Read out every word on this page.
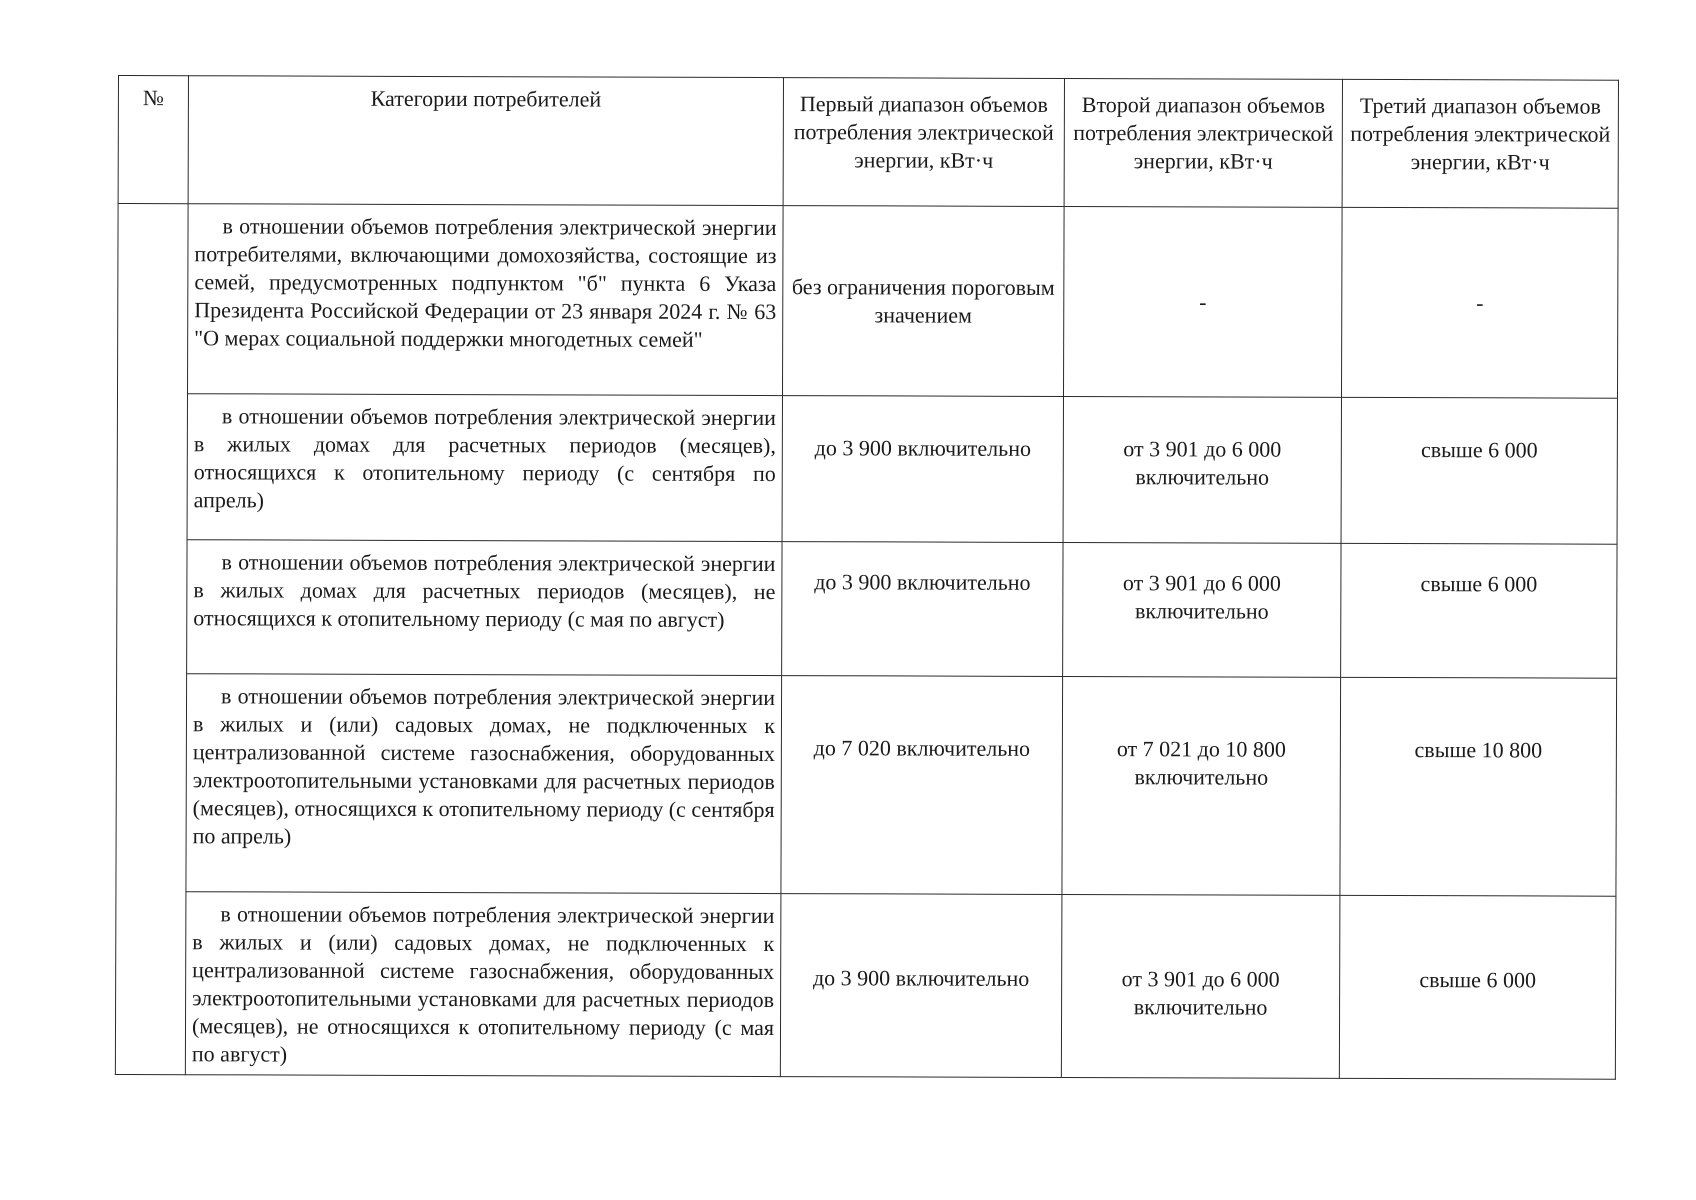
№	Категории потребителей	Первый диапазон объемов потребления электрической энергии, кВт·ч	Второй диапазон объемов потребления электрической энергии, кВт·ч	Третий диапазон объемов потребления электрической энергии, кВт·ч
	в отношении объемов потребления электрической энергии потребителями, включающими домохозяйства, состоящие из семей, предусмотренных подпунктом "б" пункта 6 Указа Президента Российской Федерации от 23 января 2024 г. № 63 "О мерах социальной поддержки многодетных семей"	без ограничения пороговым значением	-	-
	в отношении объемов потребления электрической энергии в жилых домах для расчетных периодов (месяцев), относящихся к отопительному периоду (с сентября по апрель)	до 3 900 включительно	от 3 901 до 6 000 включительно	свыше 6 000
	в отношении объемов потребления электрической энергии в жилых домах для расчетных периодов (месяцев), не относящихся к отопительному периоду (с мая по август)	до 3 900 включительно	от 3 901 до 6 000 включительно	свыше 6 000
	в отношении объемов потребления электрической энергии в жилых и (или) садовых домах, не подключенных к централизованной системе газоснабжения, оборудованных электроотопительными установками для расчетных периодов (месяцев), относящихся к отопительному периоду (с сентября по апрель)	до 7 020 включительно	от 7 021 до 10 800 включительно	свыше 10 800
	в отношении объемов потребления электрической энергии в жилых и (или) садовых домах, не подключенных к централизованной системе газоснабжения, оборудованных электроотопительными установками для расчетных периодов (месяцев), не относящихся к отопительному периоду (с мая по август)	до 3 900 включительно	от 3 901 до 6 000 включительно	свыше 6 000
